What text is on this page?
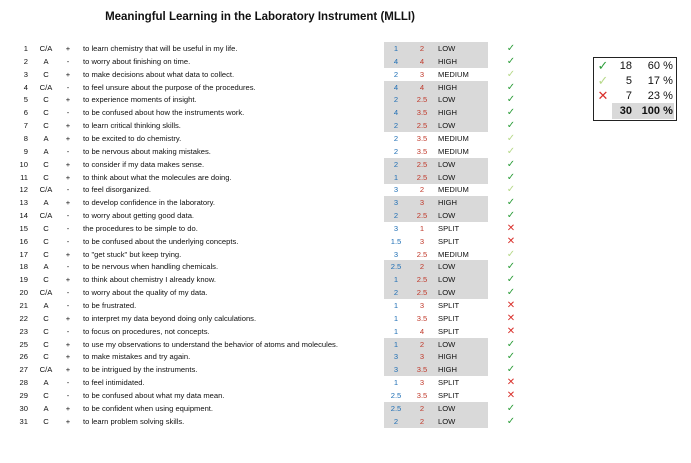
Meaningful Learning in the Laboratory Instrument (MLLI)
1	C/A	+	to learn chemistry that will be useful in my life.	1	2	LOW	✓
2	A	-	to worry about finishing on time.	4	4	HIGH	✓
3	C	+	to make decisions about what data to collect.	2	3	MEDIUM	✓
4	C/A	-	to feel unsure about the purpose of the procedures.	4	4	HIGH	✓
5	C	+	to experience moments of insight.	2	2.5	LOW	✓
6	C	-	to be confused about how the instruments work.	4	3.5	HIGH	✓
7	C	+	to learn critical thinking skills.	2	2.5	LOW	✓
8	A	+	to be excited to do chemistry.	2	3.5	MEDIUM	✓
9	A	-	to be nervous about making mistakes.	2	3.5	MEDIUM	✓
10	C	+	to consider if my data makes sense.	2	2.5	LOW	✓
11	C	+	to think about what the molecules are doing.	1	2.5	LOW	✓
12	C/A	-	to feel disorganized.	3	2	MEDIUM	✓
13	A	+	to develop confidence in the laboratory.	3	3	HIGH	✓
14	C/A	-	to worry about getting good data.	2	2.5	LOW	✓
15	C	-	the procedures to be simple to do.	3	1	SPLIT	✕
16	C	-	to be confused about the underlying concepts.	1.5	3	SPLIT	✕
17	C	+	to "get stuck" but keep trying.	3	2.5	MEDIUM	✓
18	A	-	to be nervous when handling chemicals.	2.5	2	LOW	✓
19	C	+	to think about chemistry I already know.	1	2.5	LOW	✓
20	C/A	-	to worry about the quality of my data.	2	2.5	LOW	✓
21	A	-	to be frustrated.	1	3	SPLIT	✕
22	C	+	to interpret my data beyond doing only calculations.	1	3.5	SPLIT	✕
23	C	-	to focus on procedures, not concepts.	1	4	SPLIT	✕
25	C	+	to use my observations to understand the behavior of atoms and molecules.	1	2	LOW	✓
26	C	+	to make mistakes and try again.	3	3	HIGH	✓
27	C/A	+	to be intrigued by the instruments.	3	3.5	HIGH	✓
28	A	-	to feel intimidated.	1	3	SPLIT	✕
29	C	-	to be confused about what my data mean.	2.5	3.5	SPLIT	✕
30	A	+	to be confident when using equipment.	2.5	2	LOW	✓
31	C	+	to learn problem solving skills.	2	2	LOW	✓
✓	18	60 %
✓	5	17 %
✕	7	23 %
30 100 %
